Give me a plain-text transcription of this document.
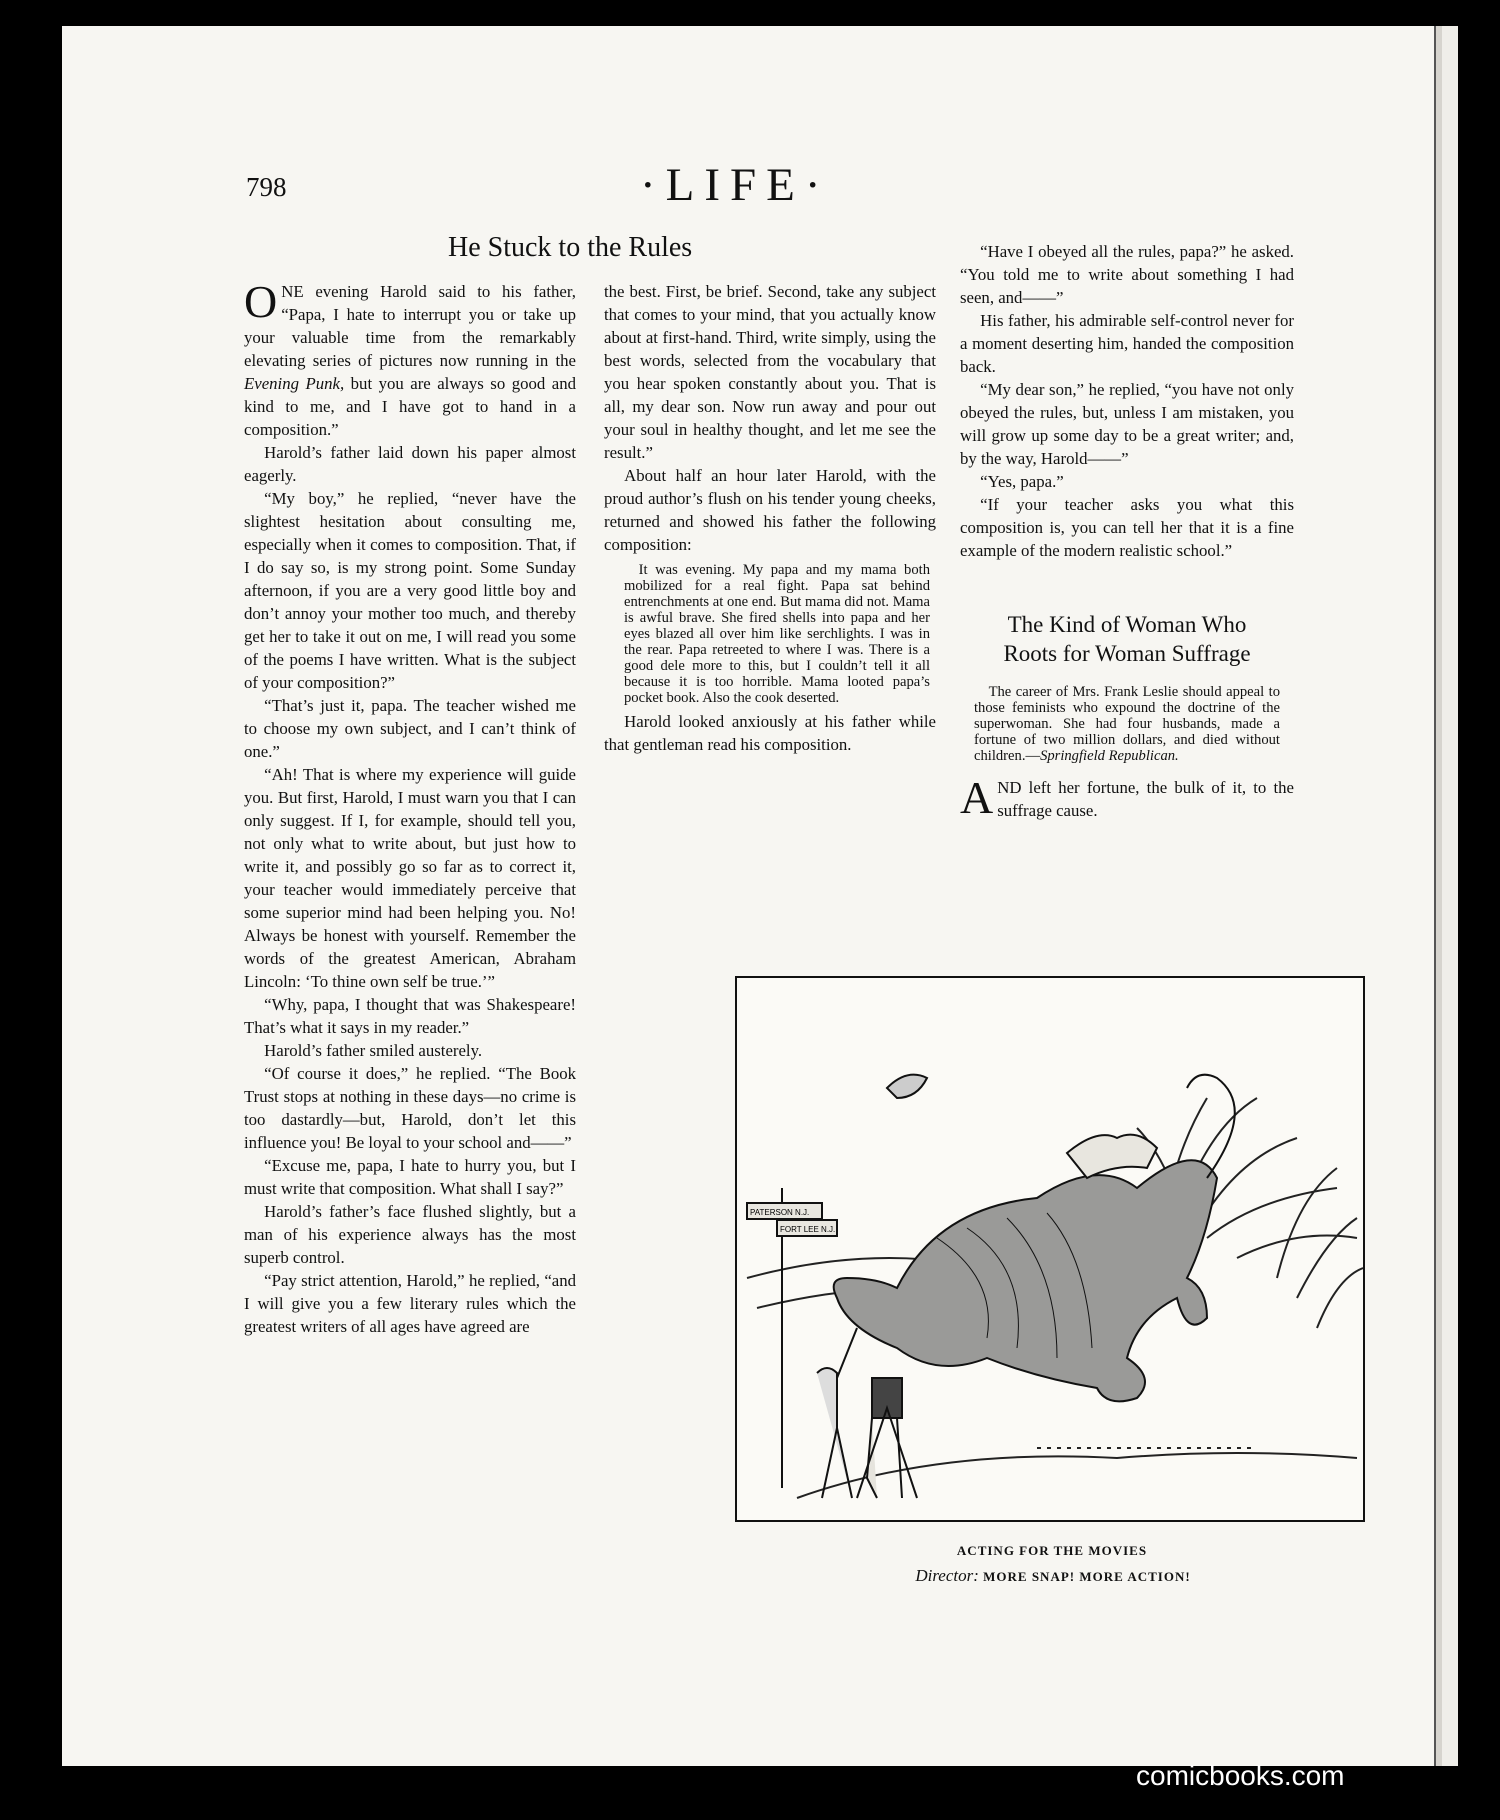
798	·LIFE·
He Stuck to the Rules

ONE evening Harold said to his father, “Papa, I hate to interrupt you or take up your valuable time from the remarkably elevating series of pictures now running in the Evening Punk, but you are always so good and kind to me, and I have got to hand in a composition.”

Harold’s father laid down his paper almost eagerly.

“My boy,” he replied, “never have the slightest hesitation about consulting me, especially when it comes to composition. That, if I do say so, is my strong point. Some Sunday afternoon, if you are a very good little boy and don’t annoy your mother too much, and thereby get her to take it out on me, I will read you some of the poems I have written. What is the subject of your composition?”

“That’s just it, papa. The teacher wished me to choose my own subject, and I can’t think of one.”

“Ah! That is where my experience will guide you. But first, Harold, I must warn you that I can only suggest. If I, for example, should tell you, not only what to write about, but just how to write it, and possibly go so far as to correct it, your teacher would immediately perceive that some superior mind had been helping you. No! Always be honest with yourself. Remember the words of the greatest American, Abraham Lincoln: ‘To thine own self be true.’”

“Why, papa, I thought that was Shakespeare! That’s what it says in my reader.”

Harold’s father smiled austerely.

“Of course it does,” he replied. “The Book Trust stops at nothing in these days—no crime is too dastardly—but, Harold, don’t let this influence you! Be loyal to your school and——”

“Excuse me, papa, I hate to hurry you, but I must write that composition. What shall I say?”

Harold’s father’s face flushed slightly, but a man of his experience always has the most superb control.

“Pay strict attention, Harold,” he replied, “and I will give you a few literary rules which the greatest writers of all ages have agreed are

the best. First, be brief. Second, take any subject that comes to your mind, that you actually know about at first-hand. Third, write simply, using the best words, selected from the vocabulary that you hear spoken constantly about you. That is all, my dear son. Now run away and pour out your soul in healthy thought, and let me see the result.”

About half an hour later Harold, with the proud author’s flush on his tender young cheeks, returned and showed his father the following composition:

It was evening. My papa and my mama both mobilized for a real fight. Papa sat behind entrenchments at one end. But mama did not. Mama is awful brave. She fired shells into papa and her eyes blazed all over him like serchlights. I was in the rear. Papa retreeted to where I was. There is a good dele more to this, but I couldn’t tell it all because it is too horrible. Mama looted papa’s pocket book. Also the cook deserted.

Harold looked anxiously at his father while that gentleman read his composition.

“Have I obeyed all the rules, papa?” he asked. “You told me to write about something I had seen, and——”

His father, his admirable self-control never for a moment deserting him, handed the composition back.

“My dear son,” he replied, “you have not only obeyed the rules, but, unless I am mistaken, you will grow up some day to be a great writer; and, by the way, Harold——”

“Yes, papa.”

“If your teacher asks you what this composition is, you can tell her that it is a fine example of the modern realistic school.”

The Kind of Woman Who
Roots for Woman Suffrage
The career of Mrs. Frank Leslie should appeal to those feminists who expound the doctrine of the superwoman. She had four husbands, made a fortune of two million dollars, and died without children.—Springfield Republican.

AND left her fortune, the bulk of it, to the suffrage cause.

PATERSON N.J.
FORT LEE N.J.
ACTING FOR THE MOVIES
Director: MORE SNAP! MORE ACTION!
comicbooks.com
